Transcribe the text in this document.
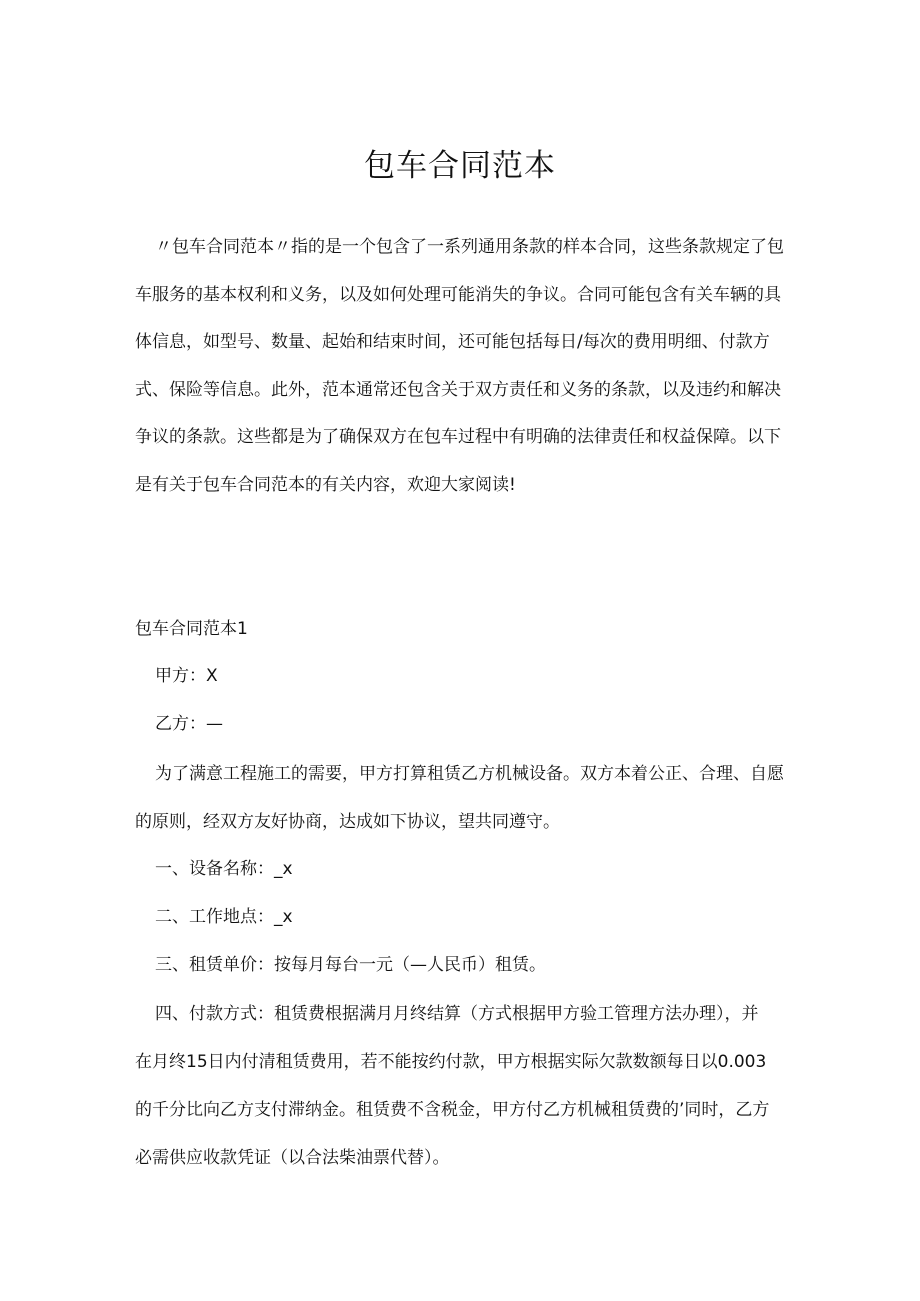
包车合同范本

〃包车合同范本〃指的是一个包含了一系列通用条款的样本合同，这些条款规定了包车服务的基本权利和义务，以及如何处理可能消失的争议。合同可能包含有关车辆的具体信息，如型号、数量、起始和结束时间，还可能包括每日/每次的费用明细、付款方式、保险等信息。此外，范本通常还包含关于双方责任和义务的条款，以及违约和解决争议的条款。这些都是为了确保双方在包车过程中有明确的法律责任和权益保障。以下是有关于包车合同范本的有关内容，欢迎大家阅读!

包车合同范本1

甲方：X

乙方：—

为了满意工程施工的需要，甲方打算租赁乙方机械设备。双方本着公正、合理、自愿的原则，经双方友好协商，达成如下协议，望共同遵守。

一、设备名称：_x

二、工作地点：_x

三、租赁单价：按每月每台一元（—人民币）租赁。

四、付款方式：租赁费根据满月月终结算（方式根据甲方验工管理方法办理），并在月终15日内付清租赁费用，若不能按约付款，甲方根据实际欠款数额每日以0.003的千分比向乙方支付滞纳金。租赁费不含税金，甲方付乙方机械租赁费的’同时，乙方必需供应收款凭证（以合法柴油票代替）。
